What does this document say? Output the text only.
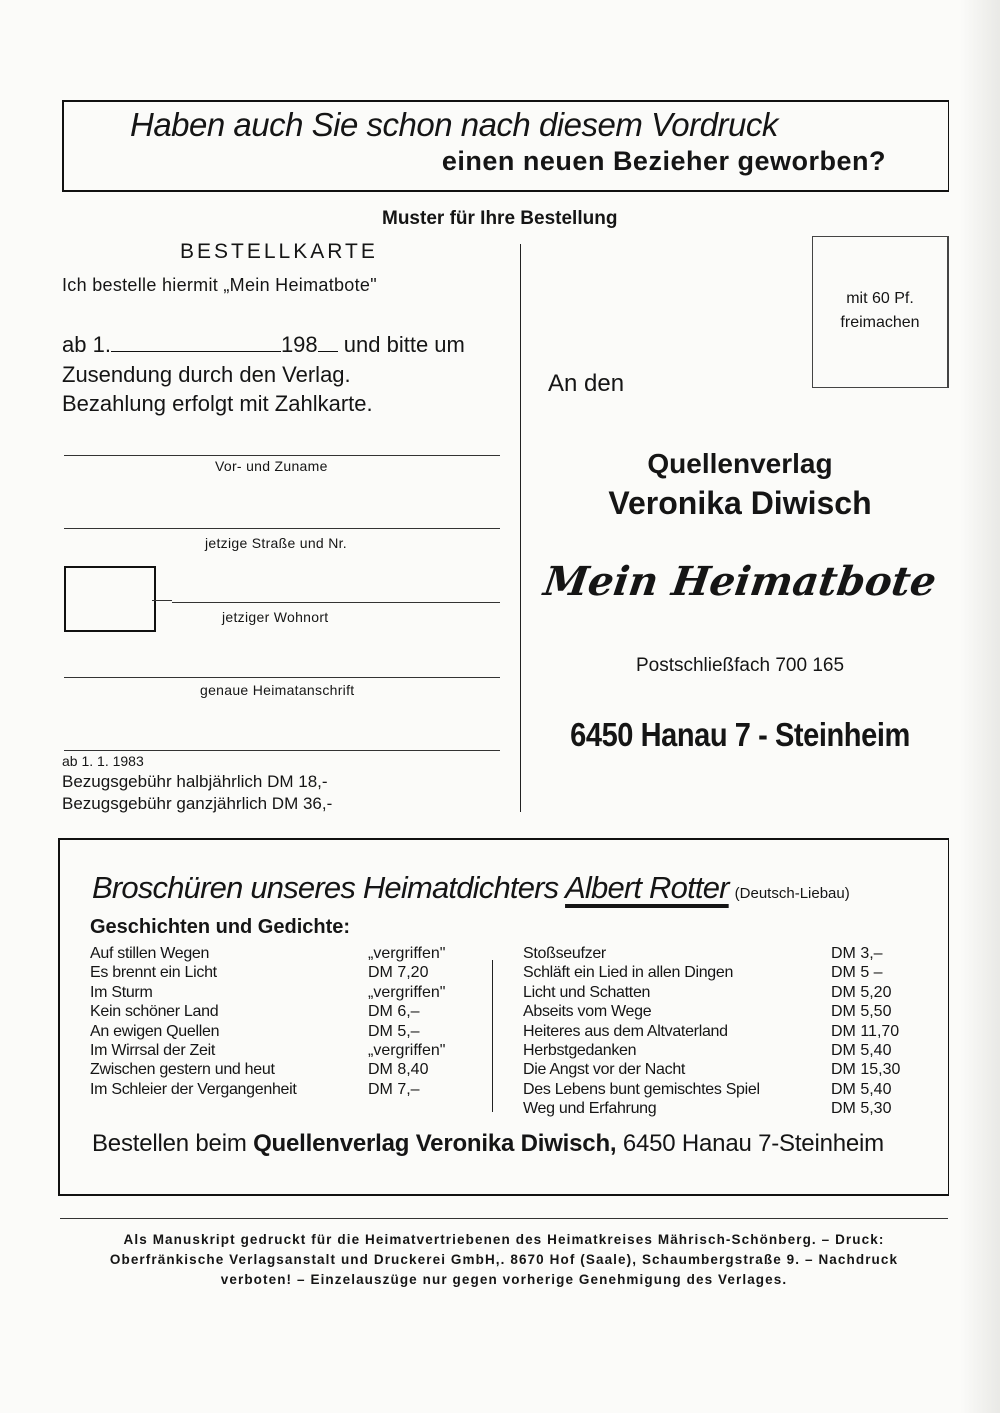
Haben auch Sie schon nach diesem Vordruck
einen neuen Bezieher geworben?
Muster für Ihre Bestellung
BESTELLKARTE
Ich bestelle hiermit „Mein Heimatbote"
ab 1.	198 und bitte um
Zusendung durch den Verlag.
Bezahlung erfolgt mit Zahlkarte.
Vor- und Zuname
jetzige Straße und Nr.
jetziger Wohnort
genaue Heimatanschrift
ab 1. 1. 1983
Bezugsgebühr halbjährlich DM 18,-
Bezugsgebühr ganzjährlich DM 36,-
mit 60 Pf.
freimachen
An den
Quellenverlag
Veronika Diwisch
Mein Heimatbote
Postschließfach 700 165
6450 Hanau 7 - Steinheim
Broschüren unseres Heimatdichters Albert Rotter (Deutsch-Liebau)
Geschichten und Gedichte:
Auf stillen Wegen	„vergriffen"
Es brennt ein Licht	DM 7,20
Im Sturm	„vergriffen"
Kein schöner Land	DM 6,–
An ewigen Quellen	DM 5,–
Im Wirrsal der Zeit	„vergriffen"
Zwischen gestern und heut	DM 8,40
Im Schleier der Vergangenheit	DM 7,–
Stoßseufzer	DM 3,–
Schläft ein Lied in allen Dingen	DM 5 –
Licht und Schatten	DM 5,20
Abseits vom Wege	DM 5,50
Heiteres aus dem Altvaterland	DM 11,70
Herbstgedanken	DM 5,40
Die Angst vor der Nacht	DM 15,30
Des Lebens bunt gemischtes Spiel	DM 5,40
Weg und Erfahrung	DM 5,30
Bestellen beim Quellenverlag Veronika Diwisch, 6450 Hanau 7-Steinheim
Als Manuskript gedruckt für die Heimatvertriebenen des Heimatkreises Mährisch-Schönberg. – Druck:
Oberfränkische Verlagsanstalt und Druckerei GmbH,. 8670 Hof (Saale), Schaumbergstraße 9. – Nachdruck
verboten! – Einzelauszüge nur gegen vorherige Genehmigung des Verlages.
